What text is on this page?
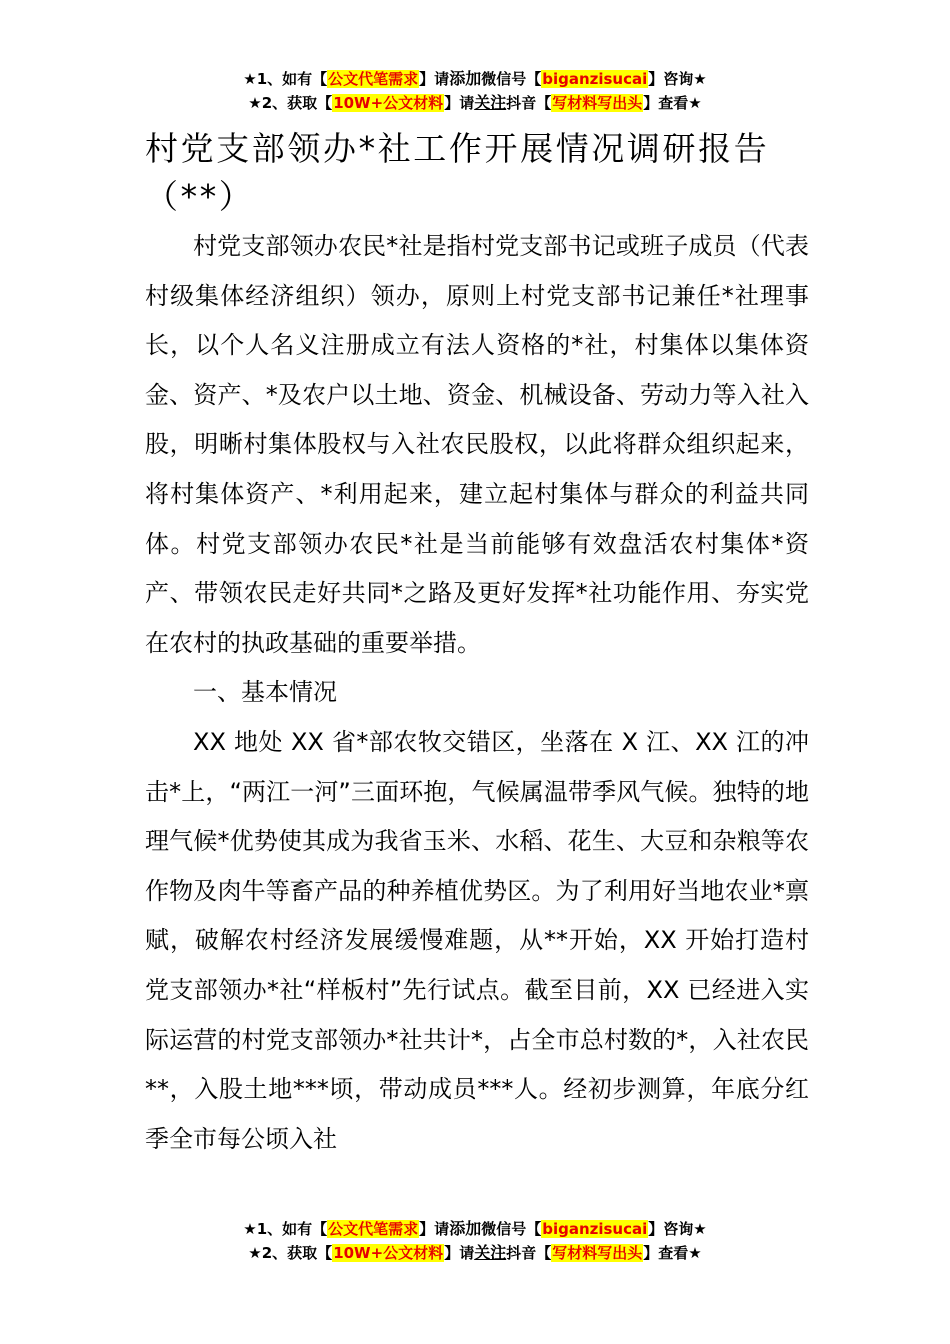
★1、如有【公文代笔需求】请添加微信号【biganzisucai】咨询★
★2、获取【10W+公文材料】请关注抖音【写材料写出头】查看★
村党支部领办*社工作开展情况调研报告（**）

村党支部领办农民*社是指村党支部书记或班子成员（代表村级集体经济组织）领办，原则上村党支部书记兼任*社理事长，以个人名义注册成立有法人资格的*社，村集体以集体资金、资产、*及农户以土地、资金、机械设备、劳动力等入社入股，明晰村集体股权与入社农民股权，以此将群众组织起来，将村集体资产、*利用起来，建立起村集体与群众的利益共同体。村党支部领办农民*社是当前能够有效盘活农村集体*资产、带领农民走好共同*之路及更好发挥*社功能作用、夯实党在农村的执政基础的重要举措。

一、基本情况

XX 地处 XX 省*部农牧交错区，坐落在 X 江、XX 江的冲击*上，“两江一河”三面环抱，气候属温带季风气候。独特的地理气候*优势使其成为我省玉米、水稻、花生、大豆和杂粮等农作物及肉牛等畜产品的种养植优势区。为了利用好当地农业*禀赋，破解农村经济发展缓慢难题，从**开始，XX 开始打造村党支部领办*社“样板村”先行试点。截至目前，XX 已经进入实际运营的村党支部领办*社共计*，占全市总村数的*，入社农民**，入股土地***顷，带动成员***人。经初步测算，年底分红季全市每公顷入社

★1、如有【公文代笔需求】请添加微信号【biganzisucai】咨询★
★2、获取【10W+公文材料】请关注抖音【写材料写出头】查看★
